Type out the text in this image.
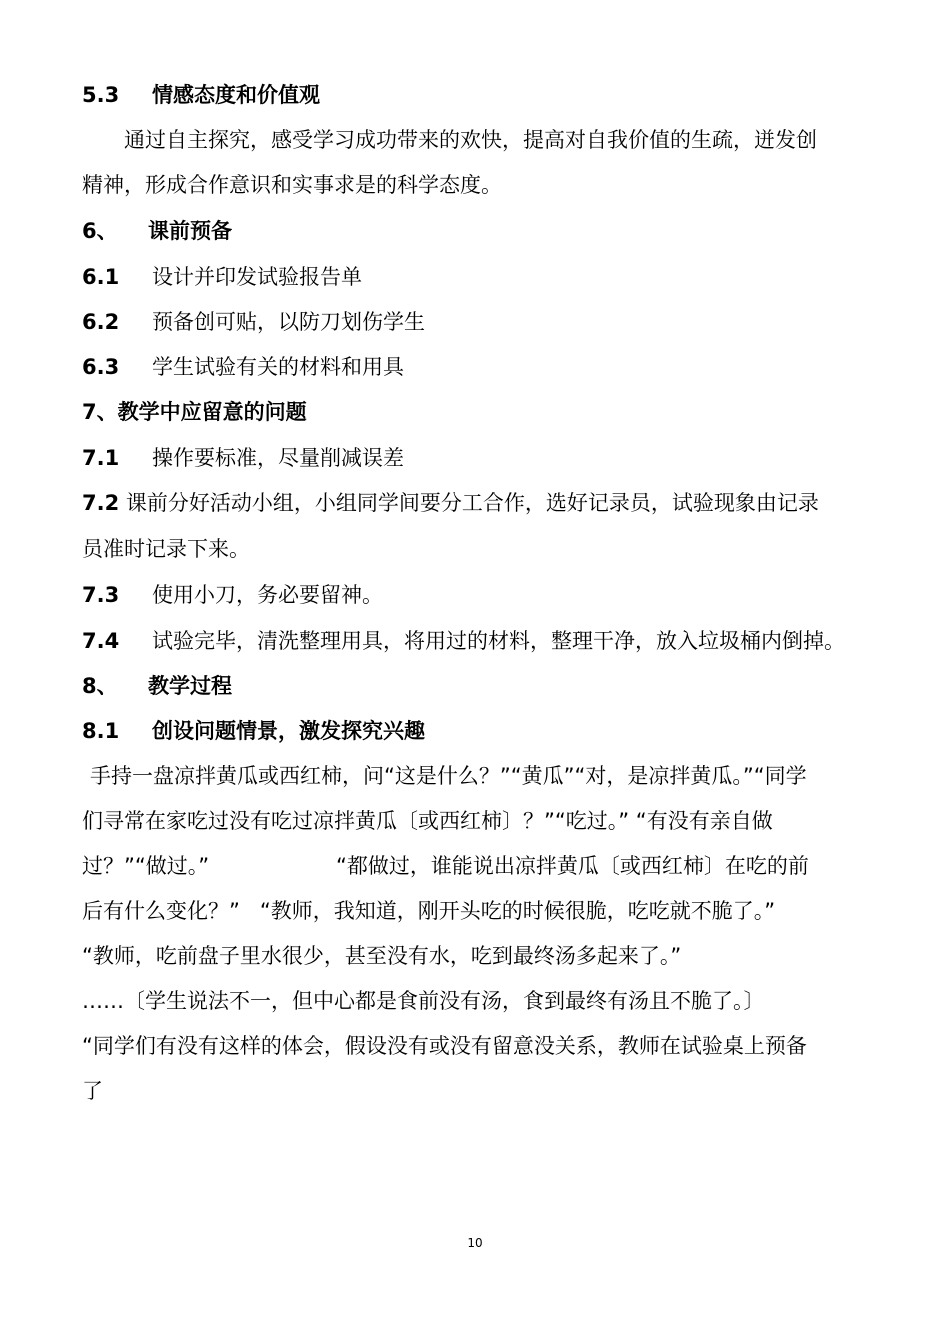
5.3 情感态度和价值观

通过自主探究，感受学习成功带来的欢快，提高对自我价值的生疏，迸发创

精神，形成合作意识和实事求是的科学态度。

6、 课前预备

6.1 设计并印发试验报告单

6.2 预备创可贴，以防刀划伤学生

6.3 学生试验有关的材料和用具

7、教学中应留意的问题

7.1 操作要标准，尽量削减误差

7.2 课前分好活动小组，小组同学间要分工合作，选好记录员，试验现象由记录

员准时记录下来。

7.3 使用小刀，务必要留神。

7.4 试验完毕，清洗整理用具，将用过的材料，整理干净，放入垃圾桶内倒掉。

8、 教学过程

8.1 创设问题情景，激发探究兴趣

手持一盘凉拌黄瓜或西红柿，问“这是什么？”“黄瓜”“对，是凉拌黄瓜。”“同学

们寻常在家吃过没有吃过凉拌黄瓜〔或西红柿〕？”“吃过。” “有没有亲自做

过？”“做过。”                   “都做过，谁能说出凉拌黄瓜〔或西红柿〕在吃的前

后有什么变化？”   “教师，我知道，刚开头吃的时候很脆，吃吃就不脆了。”

“教师，吃前盘子里水很少，甚至没有水，吃到最终汤多起来了。”

……〔学生说法不一，但中心都是食前没有汤，食到最终有汤且不脆了。〕

“同学们有没有这样的体会，假设没有或没有留意没关系，教师在试验桌上预备

了

10
